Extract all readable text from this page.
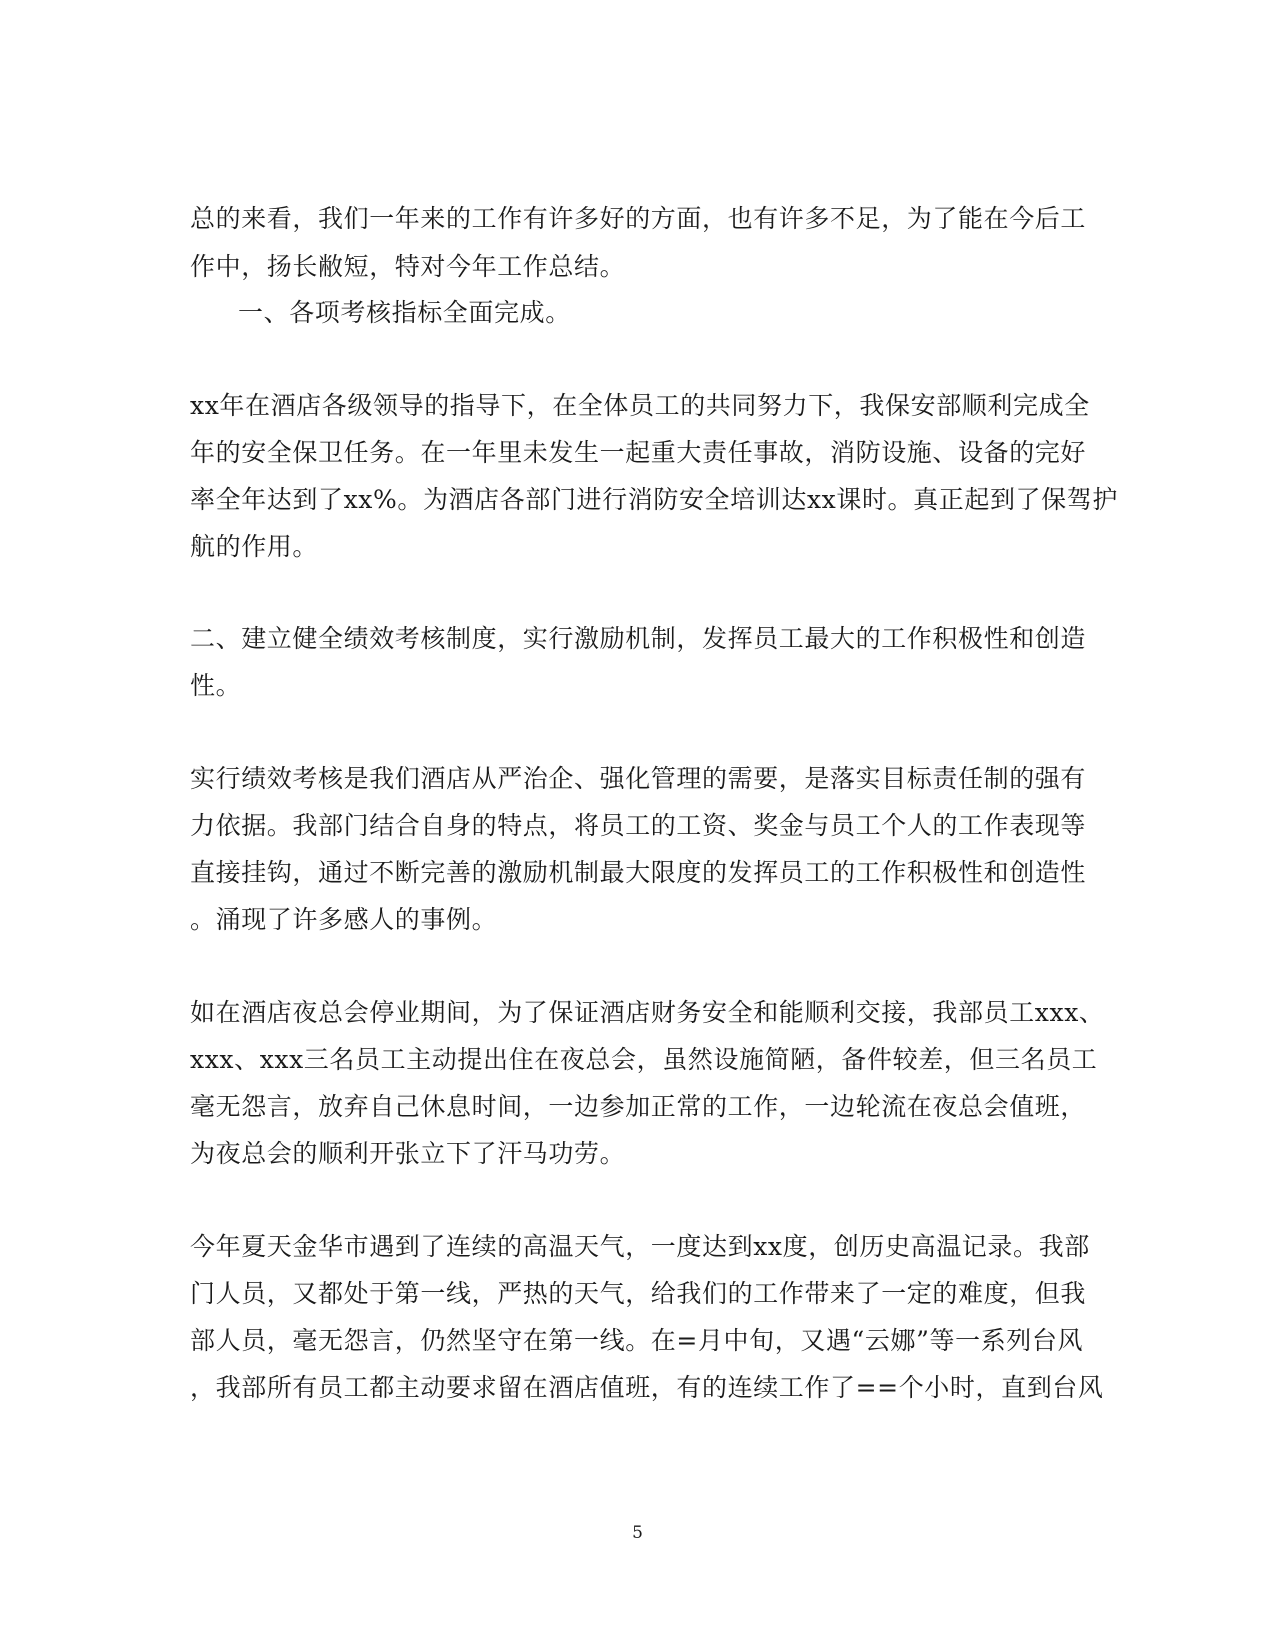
总的来看，我们一年来的工作有许多好的方面，也有许多不足，为了能在今后工
作中，扬长敝短，特对今年工作总结。
一、各项考核指标全面完成。
xx年在酒店各级领导的指导下，在全体员工的共同努力下，我保安部顺利完成全
年的安全保卫任务。在一年里未发生一起重大责任事故，消防设施、设备的完好
率全年达到了xx%。为酒店各部门进行消防安全培训达xx课时。真正起到了保驾护
航的作用。
二、建立健全绩效考核制度，实行激励机制，发挥员工最大的工作积极性和创造
性。
实行绩效考核是我们酒店从严治企、强化管理的需要，是落实目标责任制的强有
力依据。我部门结合自身的特点，将员工的工资、奖金与员工个人的工作表现等
直接挂钩，通过不断完善的激励机制最大限度的发挥员工的工作积极性和创造性
。涌现了许多感人的事例。
如在酒店夜总会停业期间，为了保证酒店财务安全和能顺利交接，我部员工xxx、
xxx、xxx三名员工主动提出住在夜总会，虽然设施简陋，备件较差，但三名员工
毫无怨言，放弃自己休息时间，一边参加正常的工作，一边轮流在夜总会值班，
为夜总会的顺利开张立下了汗马功劳。
今年夏天金华市遇到了连续的高温天气，一度达到xx度，创历史高温记录。我部
门人员，又都处于第一线，严热的天气，给我们的工作带来了一定的难度，但我
部人员，毫无怨言，仍然坚守在第一线。在=月中旬，又遇“云娜”等一系列台风
，我部所有员工都主动要求留在酒店值班，有的连续工作了==个小时，直到台风
5
